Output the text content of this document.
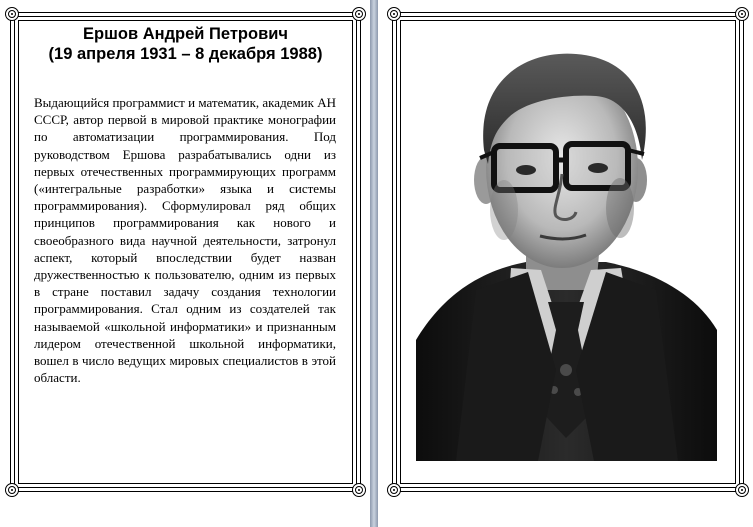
Ершов Андрей Петрович
(19 апреля 1931 – 8 декабря 1988)

Выдающийся программист и математик, академик АН СССР, автор первой в мировой практике монографии по автоматизации программирования. Под руководством Ершова разрабатывались одни из первых отечественных программирующих программ («интегральные разработки» языка и системы программирования). Сформулировал ряд общих принципов программирования как нового и своеобразного вида научной деятельности, затронул аспект, который впоследствии будет назван дружественностью к пользователю, одним из первых в стране поставил задачу создания технологии программирования. Стал одним из создателей так называемой «школьной информатики» и признанным лидером отечественной школьной информатики, вошел в число ведущих мировых специалистов в этой области.
